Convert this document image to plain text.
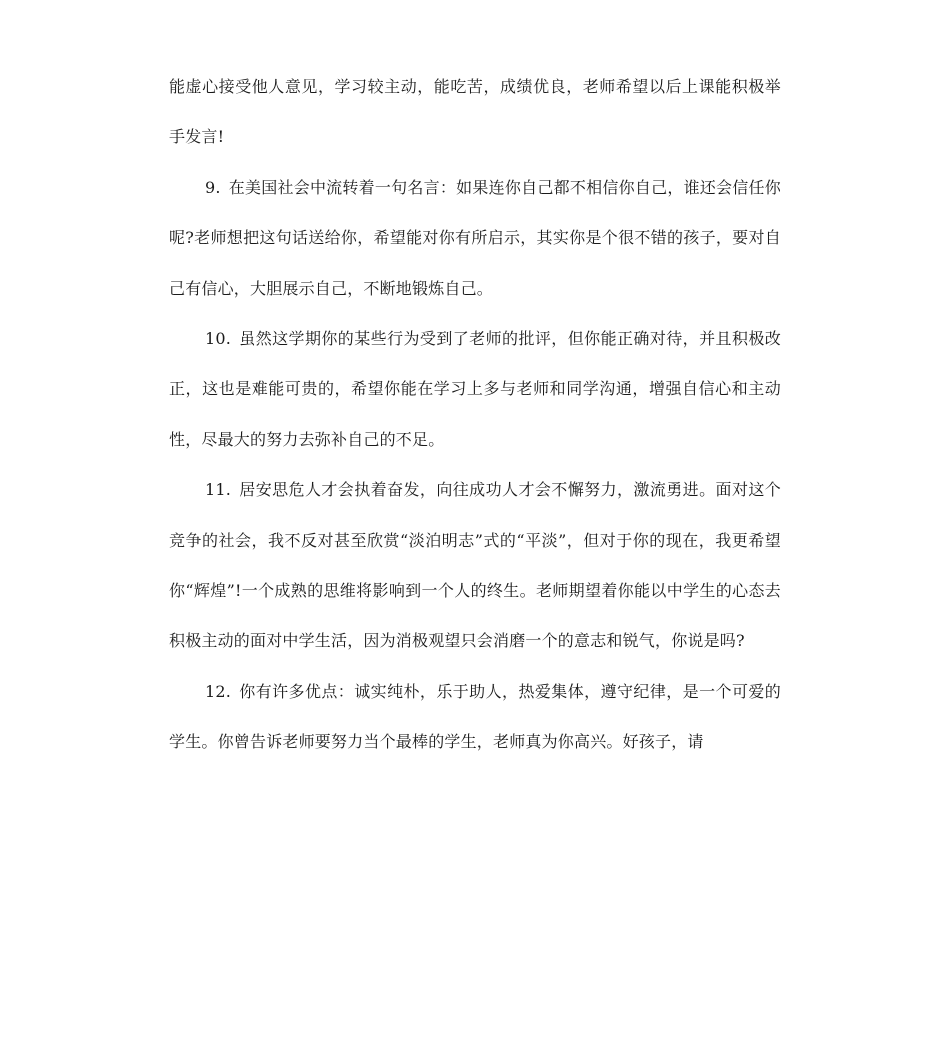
能虚心接受他人意见，学习较主动，能吃苦，成绩优良，老师希望以后上课能积极举手发言!

9. 在美国社会中流转着一句名言：如果连你自己都不相信你自己，谁还会信任你呢?老师想把这句话送给你，希望能对你有所启示，其实你是个很不错的孩子，要对自己有信心，大胆展示自己，不断地锻炼自己。

10. 虽然这学期你的某些行为受到了老师的批评，但你能正确对待，并且积极改正，这也是难能可贵的，希望你能在学习上多与老师和同学沟通，增强自信心和主动性，尽最大的努力去弥补自己的不足。

11. 居安思危人才会执着奋发，向往成功人才会不懈努力，激流勇进。面对这个竞争的社会，我不反对甚至欣赏“淡泊明志”式的“平淡”，但对于你的现在，我更希望你“辉煌”!一个成熟的思维将影响到一个人的终生。老师期望着你能以中学生的心态去积极主动的面对中学生活，因为消极观望只会消磨一个的意志和锐气，你说是吗?

12. 你有许多优点：诚实纯朴，乐于助人，热爱集体，遵守纪律，是一个可爱的学生。你曾告诉老师要努力当个最棒的学生，老师真为你高兴。好孩子，请
